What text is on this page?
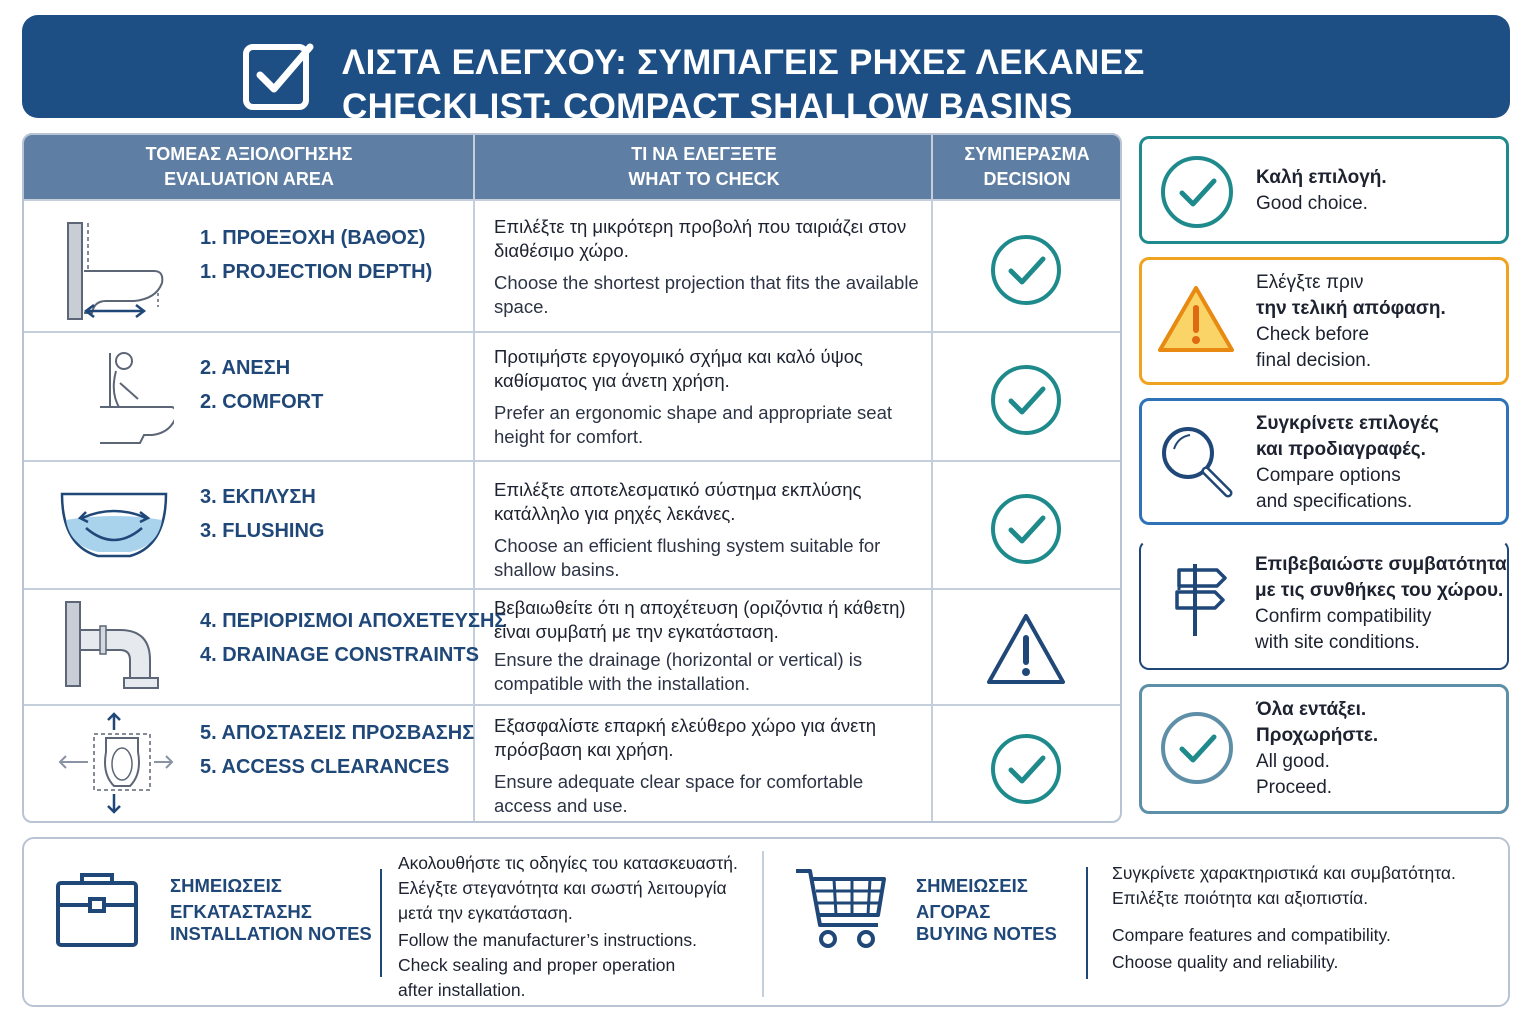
ΛΙΣΤΑ ΕΛΕΓΧΟΥ: ΣΥΜΠΑΓΕΙΣ ΡΗΧΕΣ ΛΕΚΑΝΕΣ
CHECKLIST: COMPACT SHALLOW BASINS
ΤΟΜΕΑΣ ΑΞΙΟΛΟΓΗΣΗΣ
EVALUATION AREA
ΤΙ ΝΑ ΕΛΕΓΞΕΤΕ
WHAT TO CHECK
ΣΥΜΠΕΡΑΣΜΑ
DECISION
1. ΠΡΟΕΞΟΧΗ (ΒΑΘΟΣ)
1. PROJECTION DEPTH)
Επιλέξτε τη μικρότερη προβολή που ταιριάζει στον διαθέσιμο χώρο.
Choose the shortest projection that fits the available space.
2. ΑΝΕΣΗ
2. COMFORT
Προτιμήστε εργογομικό σχήμα και καλό ύψος καθίσματος για άνετη χρήση.
Prefer an ergonomic shape and appropriate seat height for comfort.
3. ΕΚΠΛΥΣΗ
3. FLUSHING
Επιλέξτε αποτελεσματικό σύστημα εκπλύσης κατάλληλο για ρηχές λεκάνες.
Choose an efficient flushing system suitable for shallow basins.
4. ΠΕΡΙΟΡΙΣΜΟΙ ΑΠΟΧΕΤΕΥΣΗΣ
4. DRAINAGE CONSTRAINTS
Βεβαιωθείτε ότι η αποχέτευση (οριζόντια ή κάθετη) είναι συμβατή με την εγκατάσταση.
Ensure the drainage (horizontal or vertical) is compatible with the installation.
5. ΑΠΟΣΤΑΣΕΙΣ ΠΡΟΣΒΑΣΗΣ
5. ACCESS CLEARANCES
Εξασφαλίστε επαρκή ελεύθερο χώρο για άνετη πρόσβαση και χρήση.
Ensure adequate clear space for comfortable access and use.
Καλή επιλογή.
Good choice.
Ελέγξτε πριν
την τελική απόφαση.
Check before
final decision.
Συγκρίνετε επιλογές
και προδιαγραφές.
Compare options
and specifications.
Επιβεβαιώστε συμβατότητα
με τις συνθήκες του χώρου.
Confirm compatibility
with site conditions.
Όλα εντάξει.
Προχωρήστε.
All good.
Proceed.
ΣΗΜΕΙΩΣΕΙΣ
ΕΓΚΑΤΑΣΤΑΣΗΣ
INSTALLATION NOTES
Ακολουθήστε τις οδηγίες του κατασκευαστή.
Ελέγξτε στεγανότητα και σωστή λειτουργία
μετά την εγκατάσταση.
Follow the manufacturer’s instructions.
Check sealing and proper operation
after installation.
ΣΗΜΕΙΩΣΕΙΣ
ΑΓΟΡΑΣ
BUYING NOTES
Συγκρίνετε χαρακτηριστικά και συμβατότητα.
Επιλέξτε ποιότητα και αξιοπιστία.
Compare features and compatibility.
Choose quality and reliability.
